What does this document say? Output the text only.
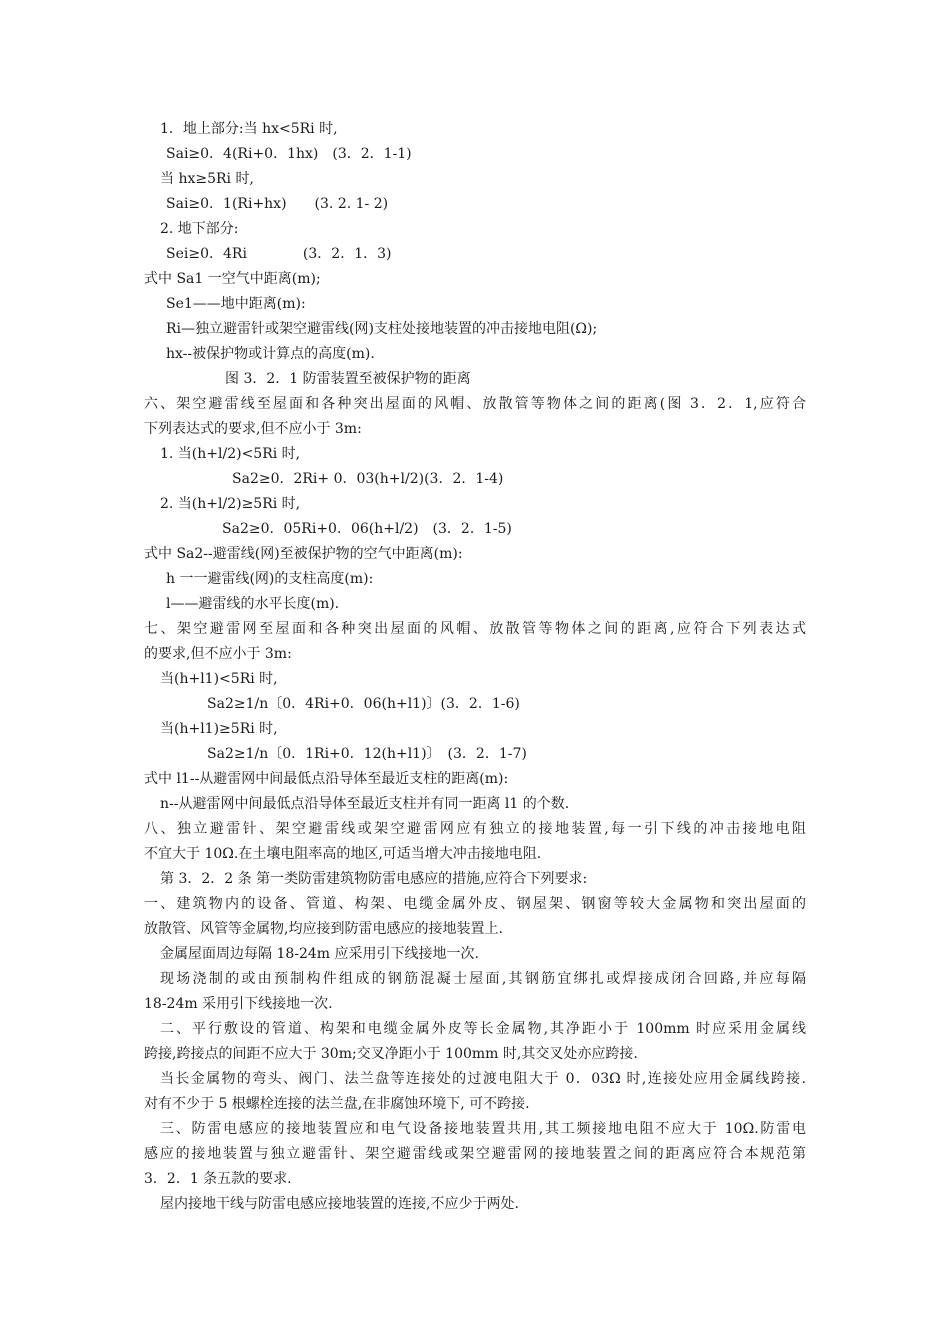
1．地上部分:当 hx<5Ri 时,
Sai≥0．4(Ri+0．1hx)　(3．2．1-1)
当 hx≥5Ri 时,
Sai≥0．1(Ri+hx)　　(3. 2. 1- 2)
2. 地下部分:
Sei≥0．4Ri　　　　(3．2．1．3)
式中 Sa1 一空气中距离(m);
Se1——地中距离(m):
Ri—独立避雷针或架空避雷线(网)支柱处接地装置的冲击接地电阻(Ω);
hx--被保护物或计算点的高度(m).
图 3．2．1 防雷装置至被保护物的距离
六、架空避雷线至屋面和各种突出屋面的风帽、放散管等物体之间的距离(图 3．2．1,应符合
下列表达式的要求,但不应小于 3m:
1. 当(h+l/2)<5Ri 时,
Sa2≥0．2Ri+ 0．03(h+l/2)(3．2．1-4)
2. 当(h+l/2)≥5Ri 时,
Sa2≥0．05Ri+0．06(h+l/2)　(3．2．1-5)
式中 Sa2--避雷线(网)至被保护物的空气中距离(m):
h 一一避雷线(网)的支柱高度(m):
l——避雷线的水平长度(m).
七、架空避雷网至屋面和各种突出屋面的风帽、放散管等物体之间的距离,应符合下列表达式
的要求,但不应小于 3m:
当(h+l1)<5Ri 时,
Sa2≥1/n〔0．4Ri+0．06(h+l1)〕(3．2．1-6)
当(h+l1)≥5Ri 时,
Sa2≥1/n〔0．1Ri+0．12(h+l1)〕　(3．2．1-7)
式中 l1--从避雷网中间最低点沿导体至最近支柱的距离(m):
n--从避雷网中间最低点沿导体至最近支柱并有同一距离 l1 的个数.
八、独立避雷针、架空避雷线或架空避雷网应有独立的接地装置,每一引下线的冲击接地电阻
不宜大于 10Ω.在土壤电阻率高的地区,可适当增大冲击接地电阻.
第 3．2．2 条 第一类防雷建筑物防雷电感应的措施,应符合下列要求:
一、建筑物内的设备、管道、构架、电缆金属外皮、钢屋架、钢窗等较大金属物和突出屋面的
放散管、风管等金属物,均应接到防雷电感应的接地装置上.
金属屋面周边每隔 18-24m 应采用引下线接地一次.
现场浇制的或由预制构件组成的钢筋混凝士屋面,其钢筋宜绑扎或焊接成闭合回路,并应每隔
18-24m 采用引下线接地一次.
二、平行敷设的管道、构架和电缆金属外皮等长金属物,其净距小于 100mm 时应采用金属线
跨接,跨接点的间距不应大于 30m;交叉净距小于 100mm 时,其交叉处亦应跨接.
当长金属物的弯头、阀门、法兰盘等连接处的过渡电阻大于 0．03Ω 时,连接处应用金属线跨接.
对有不少于 5 根螺栓连接的法兰盘,在非腐蚀环境下, 可不跨接.
三、防雷电感应的接地装置应和电气设备接地装置共用,其工频接地电阻不应大于 10Ω.防雷电
感应的接地装置与独立避雷针、架空避雷线或架空避雷网的接地装置之间的距离应符合本规范第
3．2．1 条五款的要求.
屋内接地干线与防雷电感应接地装置的连接,不应少于两处.
